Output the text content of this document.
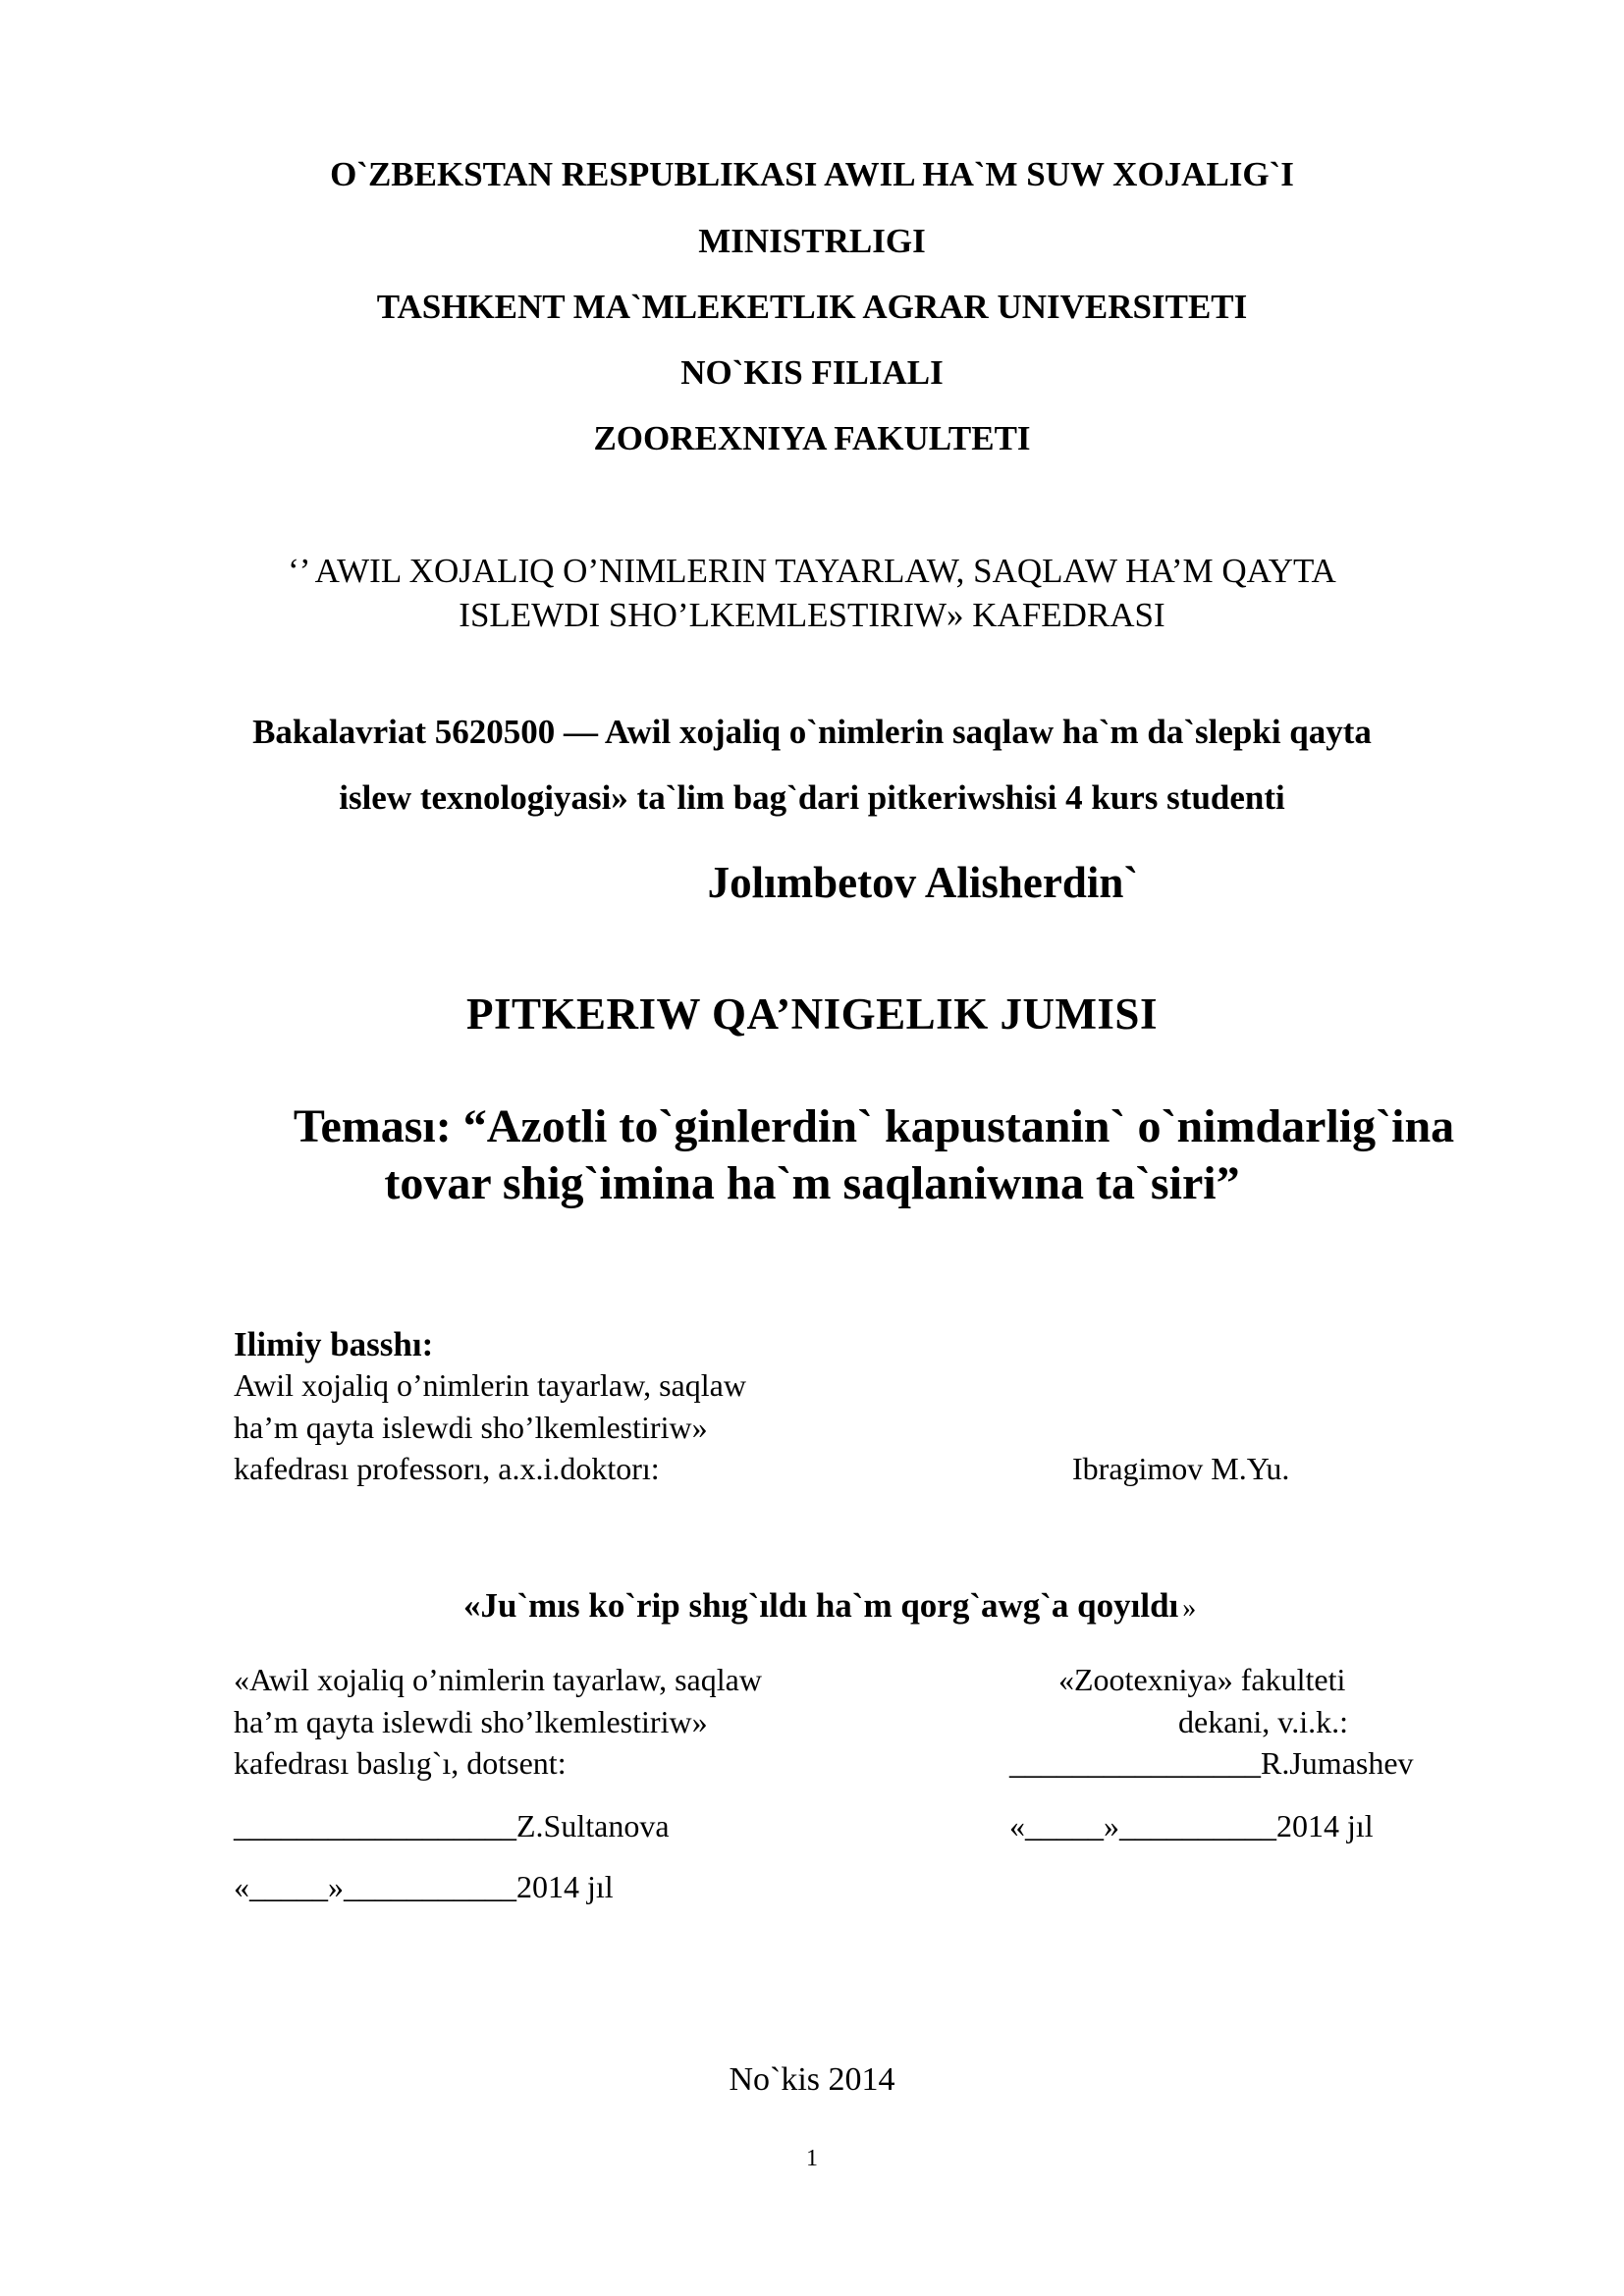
O`ZBEKSTAN RESPUBLIKASI AWIL HA`M SUW XOJALIG`I
MINISTRLIGI
TASHKENT MA`MLEKETLIK AGRAR UNIVERSITETI
NO`KIS FILIALI
ZOOREXNIYA FAKULTETI
‘’ AWIL XOJALIQ O’NIMLERIN TAYARLAW, SAQLAW HA’M QAYTA
ISLEWDI SHO’LKEMLESTIRIW» KAFEDRASI
Bakalavriat 5620500 — Awil xojaliq o`nimlerin saqlaw ha`m da`slepki qayta
islew texnologiyasi» ta`lim bag`dari pitkeriwshisi 4 kurs studenti
Jolımbetov Alisherdin`
PITKERIW QA’NIGELIK JUMISI
Teması: “Azotli to`ginlerdin` kapustanin` o`nimdarlig`ina
tovar shig`imina ha`m saqlaniwına ta`siri”
Ilimiy basshı:
Awil xojaliq o’nimlerin tayarlaw, saqlaw
ha’m qayta islewdi sho’lkemlestiriw»
kafedrası professorı, a.x.i.doktorı:	Ibragimov M.Yu.
«Ju`mıs ko`rip shıg`ıldı ha`m qorg`awg`a qoyıldı »
«Awil xojaliq o’nimlerin tayarlaw, saqlaw
ha’m qayta islewdi sho’lkemlestiriw»
kafedrası baslıg`ı, dotsent:
__________________Z.Sultanova
«_____»___________2014 jıl
«Zootexniya» fakulteti
dekani, v.i.k.:
________________R.Jumashev
«_____»__________2014 jıl
No`kis 2014
1
